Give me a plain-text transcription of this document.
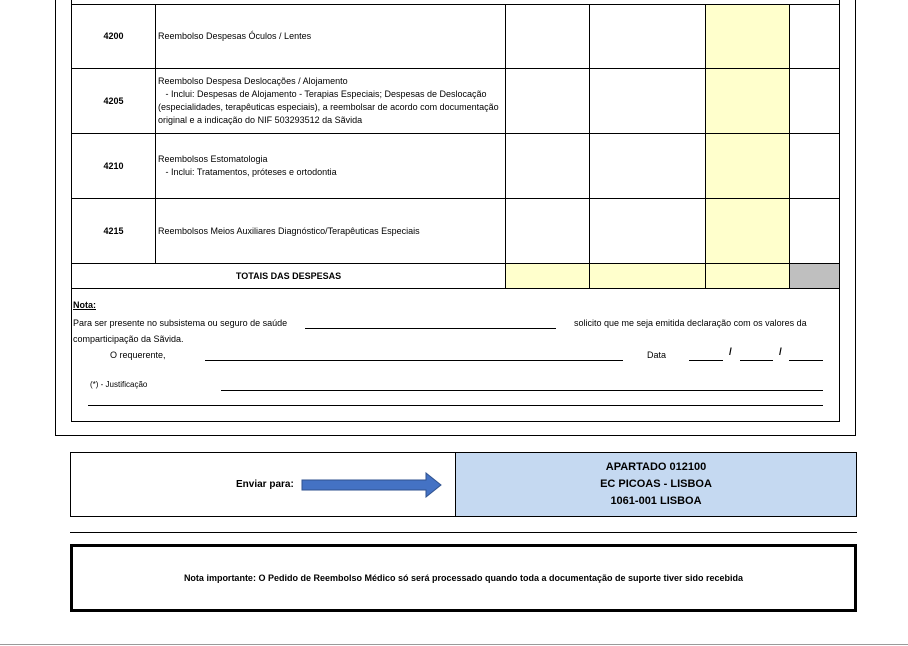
4200	Reembolso Despesas Óculos / Lentes				

4205	Reembolso Despesa Deslocações / Alojamento
- Inclui: Despesas de Alojamento - Terapias Especiais; Despesas de Deslocação
(especialidades, terapêuticas especiais), a reembolsar de acordo com documentação
original e a indicação do NIF 503293512 da Sãvida				

4210	Reembolsos Estomatologia
- Inclui: Tratamentos, próteses e ortodontia				

4215	Reembolsos Meios Auxiliares Diagnóstico/Terapêuticas Especiais				

TOTAIS DAS DESPESAS					
Nota:
Para ser presente no subsistema ou seguro de saúde	solicito que me seja emitida declaração com os valores da
comparticipação da Sãvida.
O requerente,	Data	/	/
(*) - Justificação
Enviar para:
APARTADO 012100
EC PICOAS - LISBOA
1061-001 LISBOA
Nota importante: O Pedido de Reembolso Médico só será processado quando toda a documentação de suporte tiver sido recebida
